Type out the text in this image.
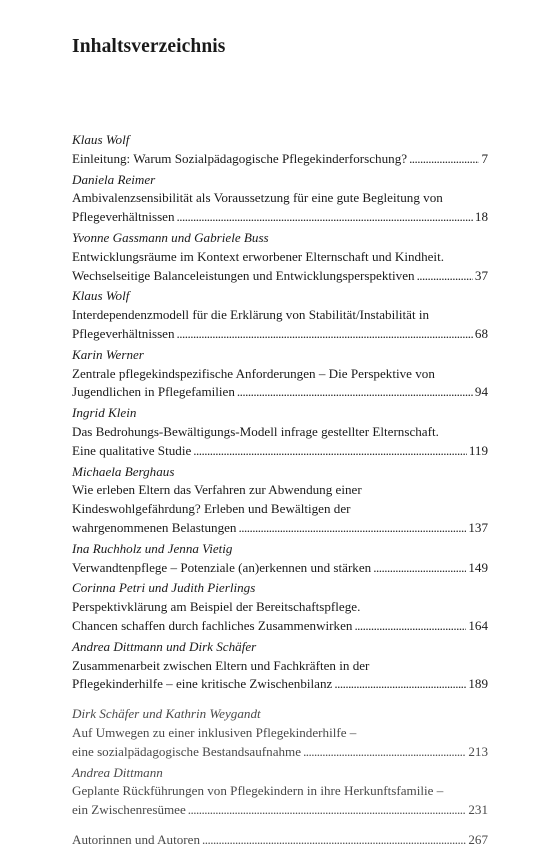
Inhaltsverzeichnis
Klaus Wolf
Einleitung: Warum Sozialpädagogische Pflegekinderforschung? . . .	7
Daniela Reimer
Ambivalenzsensibilität als Voraussetzung für eine gute Begleitung von
Pflegeverhältnissen . . .	18
Yvonne Gassmann und Gabriele Buss
Entwicklungsräume im Kontext erworbener Elternschaft und Kindheit.
Wechselseitige Balanceleistungen und Entwicklungsperspektiven . . .	37
Klaus Wolf
Interdependenzmodell für die Erklärung von Stabilität/Instabilität in
Pflegeverhältnissen . . .	68
Karin Werner
Zentrale pflegekindspezifische Anforderungen – Die Perspektive von
Jugendlichen in Pflegefamilien . . .	94
Ingrid Klein
Das Bedrohungs-Bewältigungs-Modell infrage gestellter Elternschaft.
Eine qualitative Studie . . .	119
Michaela Berghaus
Wie erleben Eltern das Verfahren zur Abwendung einer
Kindeswohlgefährdung? Erleben und Bewältigen der
wahrgenommenen Belastungen . . .	137
Ina Ruchholz und Jenna Vietig
Verwandtenpflege – Potenziale (an)erkennen und stärken . . .	149
Corinna Petri und Judith Pierlings
Perspektivklärung am Beispiel der Bereitschaftspflege.
Chancen schaffen durch fachliches Zusammenwirken . . .	164
Andrea Dittmann und Dirk Schäfer
Zusammenarbeit zwischen Eltern und Fachkräften in der
Pflegekinderhilfe – eine kritische Zwischenbilanz . . .	189
Dirk Schäfer und Kathrin Weygandt
Auf Umwegen zu einer inklusiven Pflegekinderhilfe –
eine sozialpädagogische Bestandsaufnahme . . .	213
Andrea Dittmann
Geplante Rückführungen von Pflegekindern in ihre Herkunftsfamilie –
ein Zwischenresümee . . .	231
Autorinnen und Autoren . . .	267
